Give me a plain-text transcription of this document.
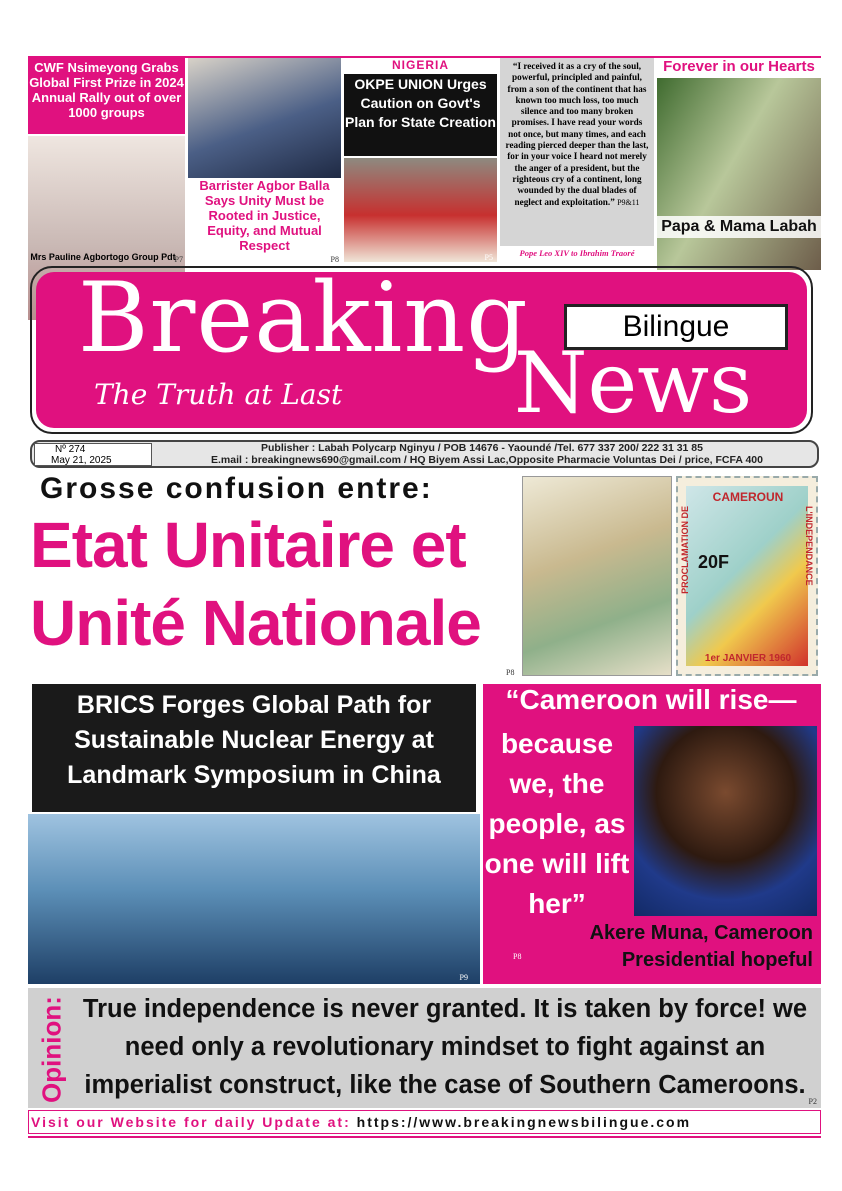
CWF Nsimeyong Grabs Global First Prize in 2024 Annual Rally out of over 1000 groups
Mrs Pauline Agbortogo Group Pdt
P7
Barrister Agbor Balla Says Unity Must be Rooted in Justice, Equity, and Mutual Respect
P8
NIGERIA
OKPE UNION Urges Caution on Govt's Plan for State Creation
P5
“I received it as a cry of the soul, powerful, principled and painful, from a son of the continent that has known too much loss, too much silence and too many broken promises. I have read your words not once, but many times, and each reading pierced deeper than the last, for in your voice I heard not merely the anger of a president, but the righteous cry of a continent, long wounded by the dual blades of neglect and exploitation.” P9&11
Pope Leo XIV to Ibrahim Traoré
Forever in our Hearts
Papa & Mama Labah
Breaking	Bilingue
News
The Truth at Last
Nº 274
May 21, 2025
Publisher : Labah Polycarp Nginyu / POB 14676 - Yaoundé /Tel. 677 337 200/ 222 31 31 85
E.mail : breakingnews690@gmail.com / HQ Biyem Assi Lac,Opposite Pharmacie Voluntas Dei / price, FCFA 400
Grosse confusion entre:
Etat Unitaire et Unité Nationale
P8
CAMEROUN
PROCLAMATION DE	L'INDEPENDANCE
20F
1er JANVIER 1960
BRICS Forges Global Path for Sustainable Nuclear Energy at Landmark Symposium in China
P9
“Cameroon will rise—
because we, the people, as one will lift her”
Akere Muna, Cameroon Presidential hopeful
P8
Opinion: True independence is never granted. It is taken by force! we need only a revolutionary mindset to fight against an imperialist construct, like the case of Southern Cameroons.
P2
Visit our Website for daily Update at: https://www.breakingnewsbilingue.com
